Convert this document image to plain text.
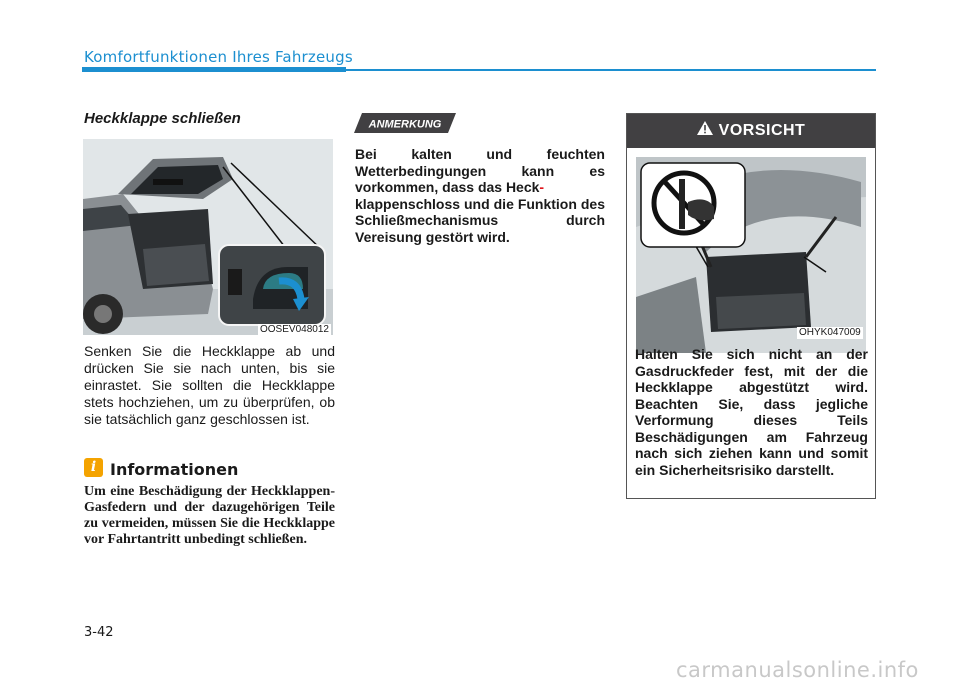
Komfortfunktionen Ihres Fahrzeugs
Heckklappe schließen
OOSEV048012
Senken Sie die Heckklappe ab und drücken Sie sie nach unten, bis sie einrastet. Sie sollten die Heckklappe stets hochziehen, um zu überprüfen, ob sie tatsächlich ganz geschlossen ist.
i Informationen
Um eine Beschädigung der Heckklappen-Gasfedern und der dazugehörigen Teile zu vermeiden, müssen Sie die Heckklappe vor Fahrtantritt unbedingt schließen.
ANMERKUNG
Bei kalten und feuchten Wetterbedingungen kann es vorkommen, dass das Heck-
klappenschloss und die Funktion des Schließmechanismus durch Vereisung gestört wird.
VORSICHT
OHYK047009
Halten Sie sich nicht an der Gasdruckfeder fest, mit der die Heckklappe abgestützt wird. Beachten Sie, dass jegliche Verformung dieses Teils Beschädigungen am Fahrzeug nach sich ziehen kann und somit ein Sicherheitsrisiko darstellt.
3-42
carmanualsonline.info
